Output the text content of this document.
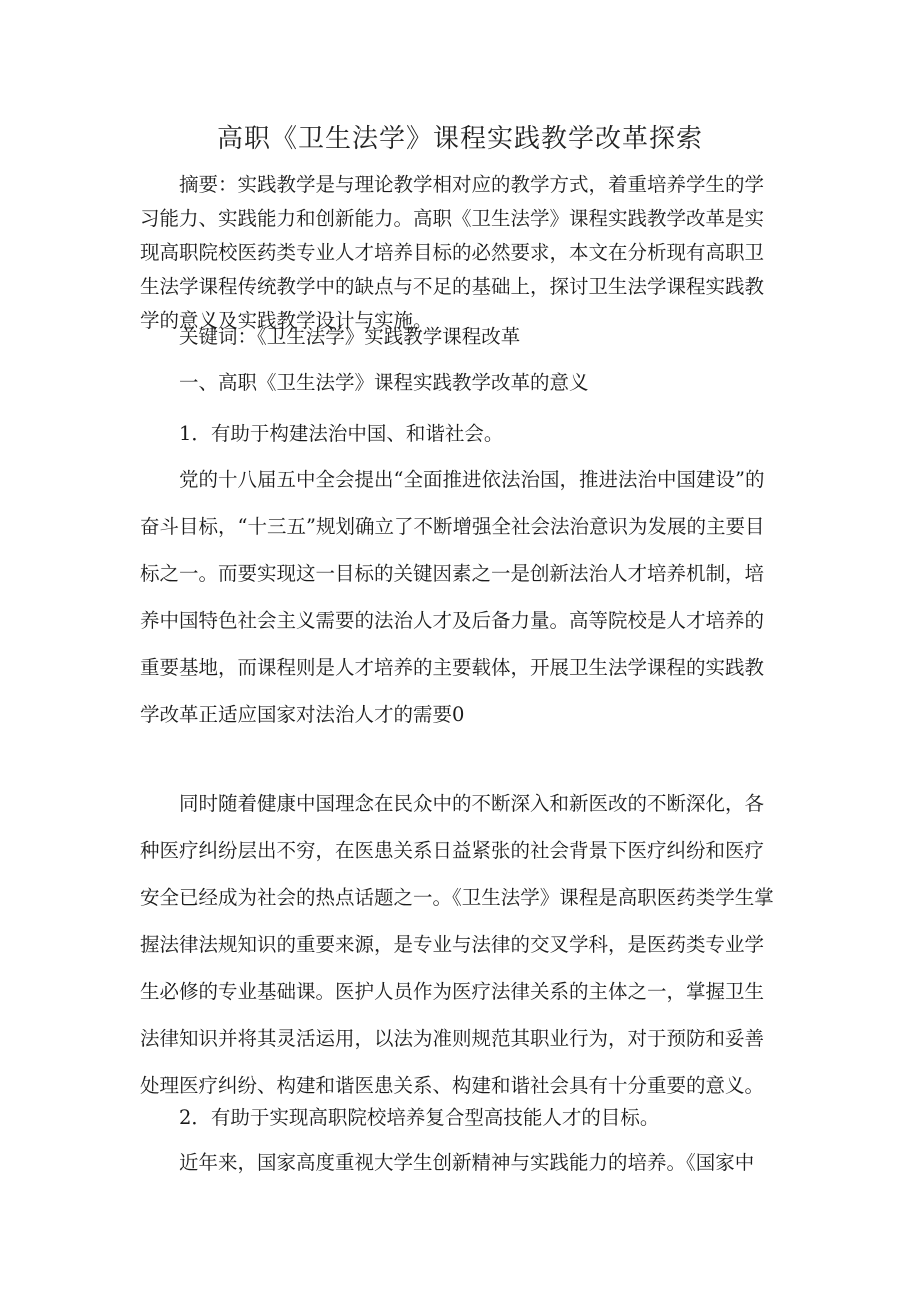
高职《卫生法学》课程实践教学改革探索

摘要：实践教学是与理论教学相对应的教学方式，着重培养学生的学习能力、实践能力和创新能力。高职《卫生法学》课程实践教学改革是实现高职院校医药类专业人才培养目标的必然要求，本文在分析现有高职卫生法学课程传统教学中的缺点与不足的基础上，探讨卫生法学课程实践教学的意义及实践教学设计与实施。

关键词：《卫生法学》实践教学课程改革

一、高职《卫生法学》课程实践教学改革的意义

1．有助于构建法治中国、和谐社会。

党的十八届五中全会提出“全面推进依法治国，推进法治中国建设”的奋斗目标，“十三五”规划确立了不断增强全社会法治意识为发展的主要目标之一。而要实现这一目标的关键因素之一是创新法治人才培养机制，培养中国特色社会主义需要的法治人才及后备力量。高等院校是人才培养的重要基地，而课程则是人才培养的主要载体，开展卫生法学课程的实践教学改革正适应国家对法治人才的需要0

同时随着健康中国理念在民众中的不断深入和新医改的不断深化，各种医疗纠纷层出不穷，在医患关系日益紧张的社会背景下医疗纠纷和医疗安全已经成为社会的热点话题之一。《卫生法学》课程是高职医药类学生掌握法律法规知识的重要来源，是专业与法律的交叉学科，是医药类专业学生必修的专业基础课。医护人员作为医疗法律关系的主体之一，掌握卫生法律知识并将其灵活运用，以法为准则规范其职业行为，对于预防和妥善处理医疗纠纷、构建和谐医患关系、构建和谐社会具有十分重要的意义。

2．有助于实现高职院校培养复合型高技能人才的目标。

近年来，国家高度重视大学生创新精神与实践能力的培养。《国家中
